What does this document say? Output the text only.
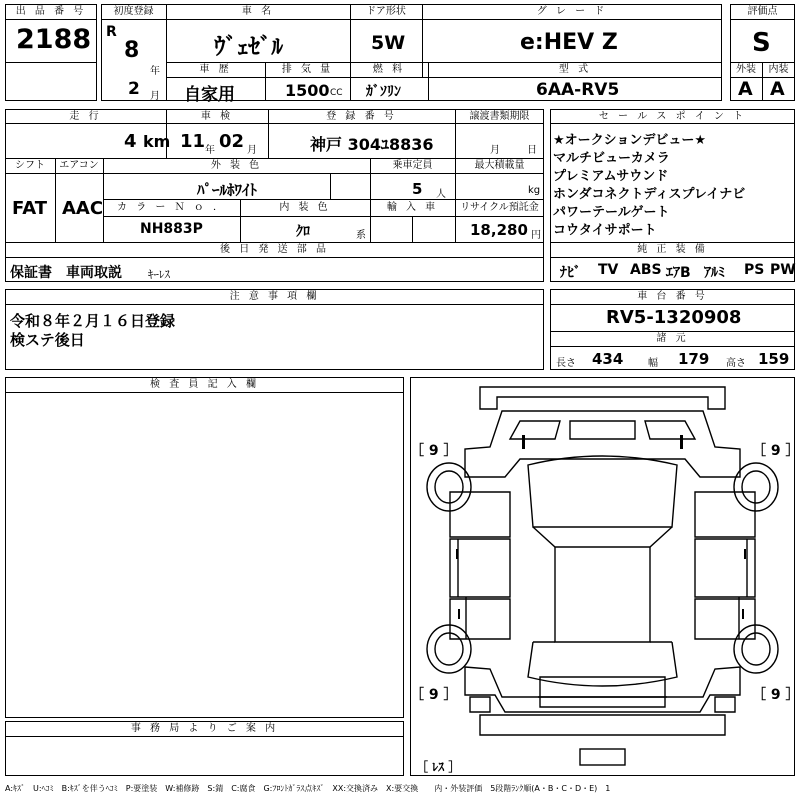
出 品 番 号
2188
初度登録
R
8
年
2 月
車 名
ｳﾞｪｾﾞﾙ
ドア形状
5W
グ レ ー ド
e:HEV Z
車 歴
自家用
排 気 量
1500 CC
燃 料
ｶﾞｿﾘﾝ
型 式
6AA-RV5
評価点
S
外装	内装
A A
走 行
4 km
車 検
11 年 02 月
登 録 番 号
神戸 304ﾕ8836
譲渡書類期限
月	日
シフト
FAT
エアコン
AAC
外 装 色
ﾊﾟｰﾙﾎﾜｲﾄ
乗車定員
5 人
最大積載量
kg
カ ラ ー Ｎ ｏ ．
NH883P
内 装 色
ｸﾛ	系
輸 入 車	リサイクル預託金
18,280 円
後 日 発 送 部 品
保証書　車両取説 ｷｰﾚｽ
セ ー ル ス ポ イ ン ト
★オークションデビュー★
マルチビューカメラ
プレミアムサウンド
ホンダコネクトディスプレイナビ
パワーテールゲート
コウタイサポート
純 正 装 備
ﾅﾋﾞ TV ABS ｴｱB ｱﾙﾐ PS PW
注 意 事 項 欄
令和８年２月１６日登録
検ステ後日
車 台 番 号
RV5-1320908
諸 元
長さ 434 幅 179 高さ 159
検 査 員 記 入 欄
事 務 局 よ り ご 案 内
［ 9 ］	［ 9 ］
［ 9 ］	［ 9 ］
［ ﾚｽ ］
A:ｷｽﾞ　U:ﾍｺﾐ　B:ｷｽﾞを伴うﾍｺﾐ　P:要塗装　W:補修跡　S:錆　C:腐食　G:ﾌﾛﾝﾄｶﾞﾗｽ点ｷｽﾞ　XX:交換済み　X:要交換　　内・外装評価　5段階ﾗﾝｸ順(A・B・C・D・E)　1
